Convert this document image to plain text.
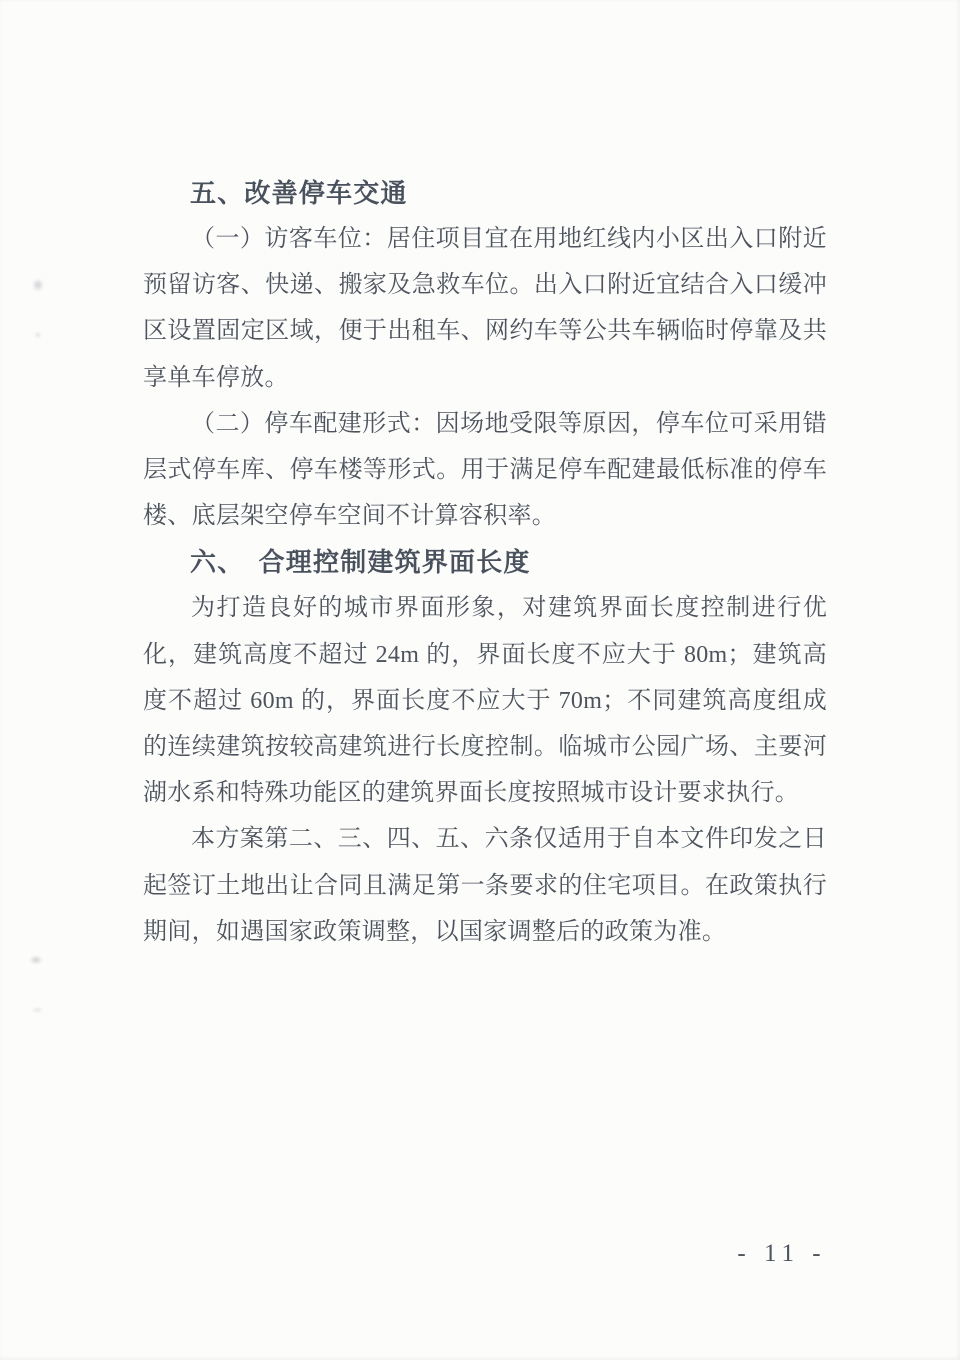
五、改善停车交通

（一）访客车位：居住项目宜在用地红线内小区出入口附近预留访客、快递、搬家及急救车位。出入口附近宜结合入口缓冲区设置固定区域，便于出租车、网约车等公共车辆临时停靠及共享单车停放。

（二）停车配建形式：因场地受限等原因，停车位可采用错层式停车库、停车楼等形式。用于满足停车配建最低标准的停车楼、底层架空停车空间不计算容积率。

六、　合理控制建筑界面长度

为打造良好的城市界面形象，对建筑界面长度控制进行优化，建筑高度不超过 24m 的，界面长度不应大于 80m；建筑高度不超过 60m 的，界面长度不应大于 70m；不同建筑高度组成的连续建筑按较高建筑进行长度控制。临城市公园广场、主要河湖水系和特殊功能区的建筑界面长度按照城市设计要求执行。

本方案第二、三、四、五、六条仅适用于自本文件印发之日起签订土地出让合同且满足第一条要求的住宅项目。在政策执行期间，如遇国家政策调整，以国家调整后的政策为准。

- 11 -
